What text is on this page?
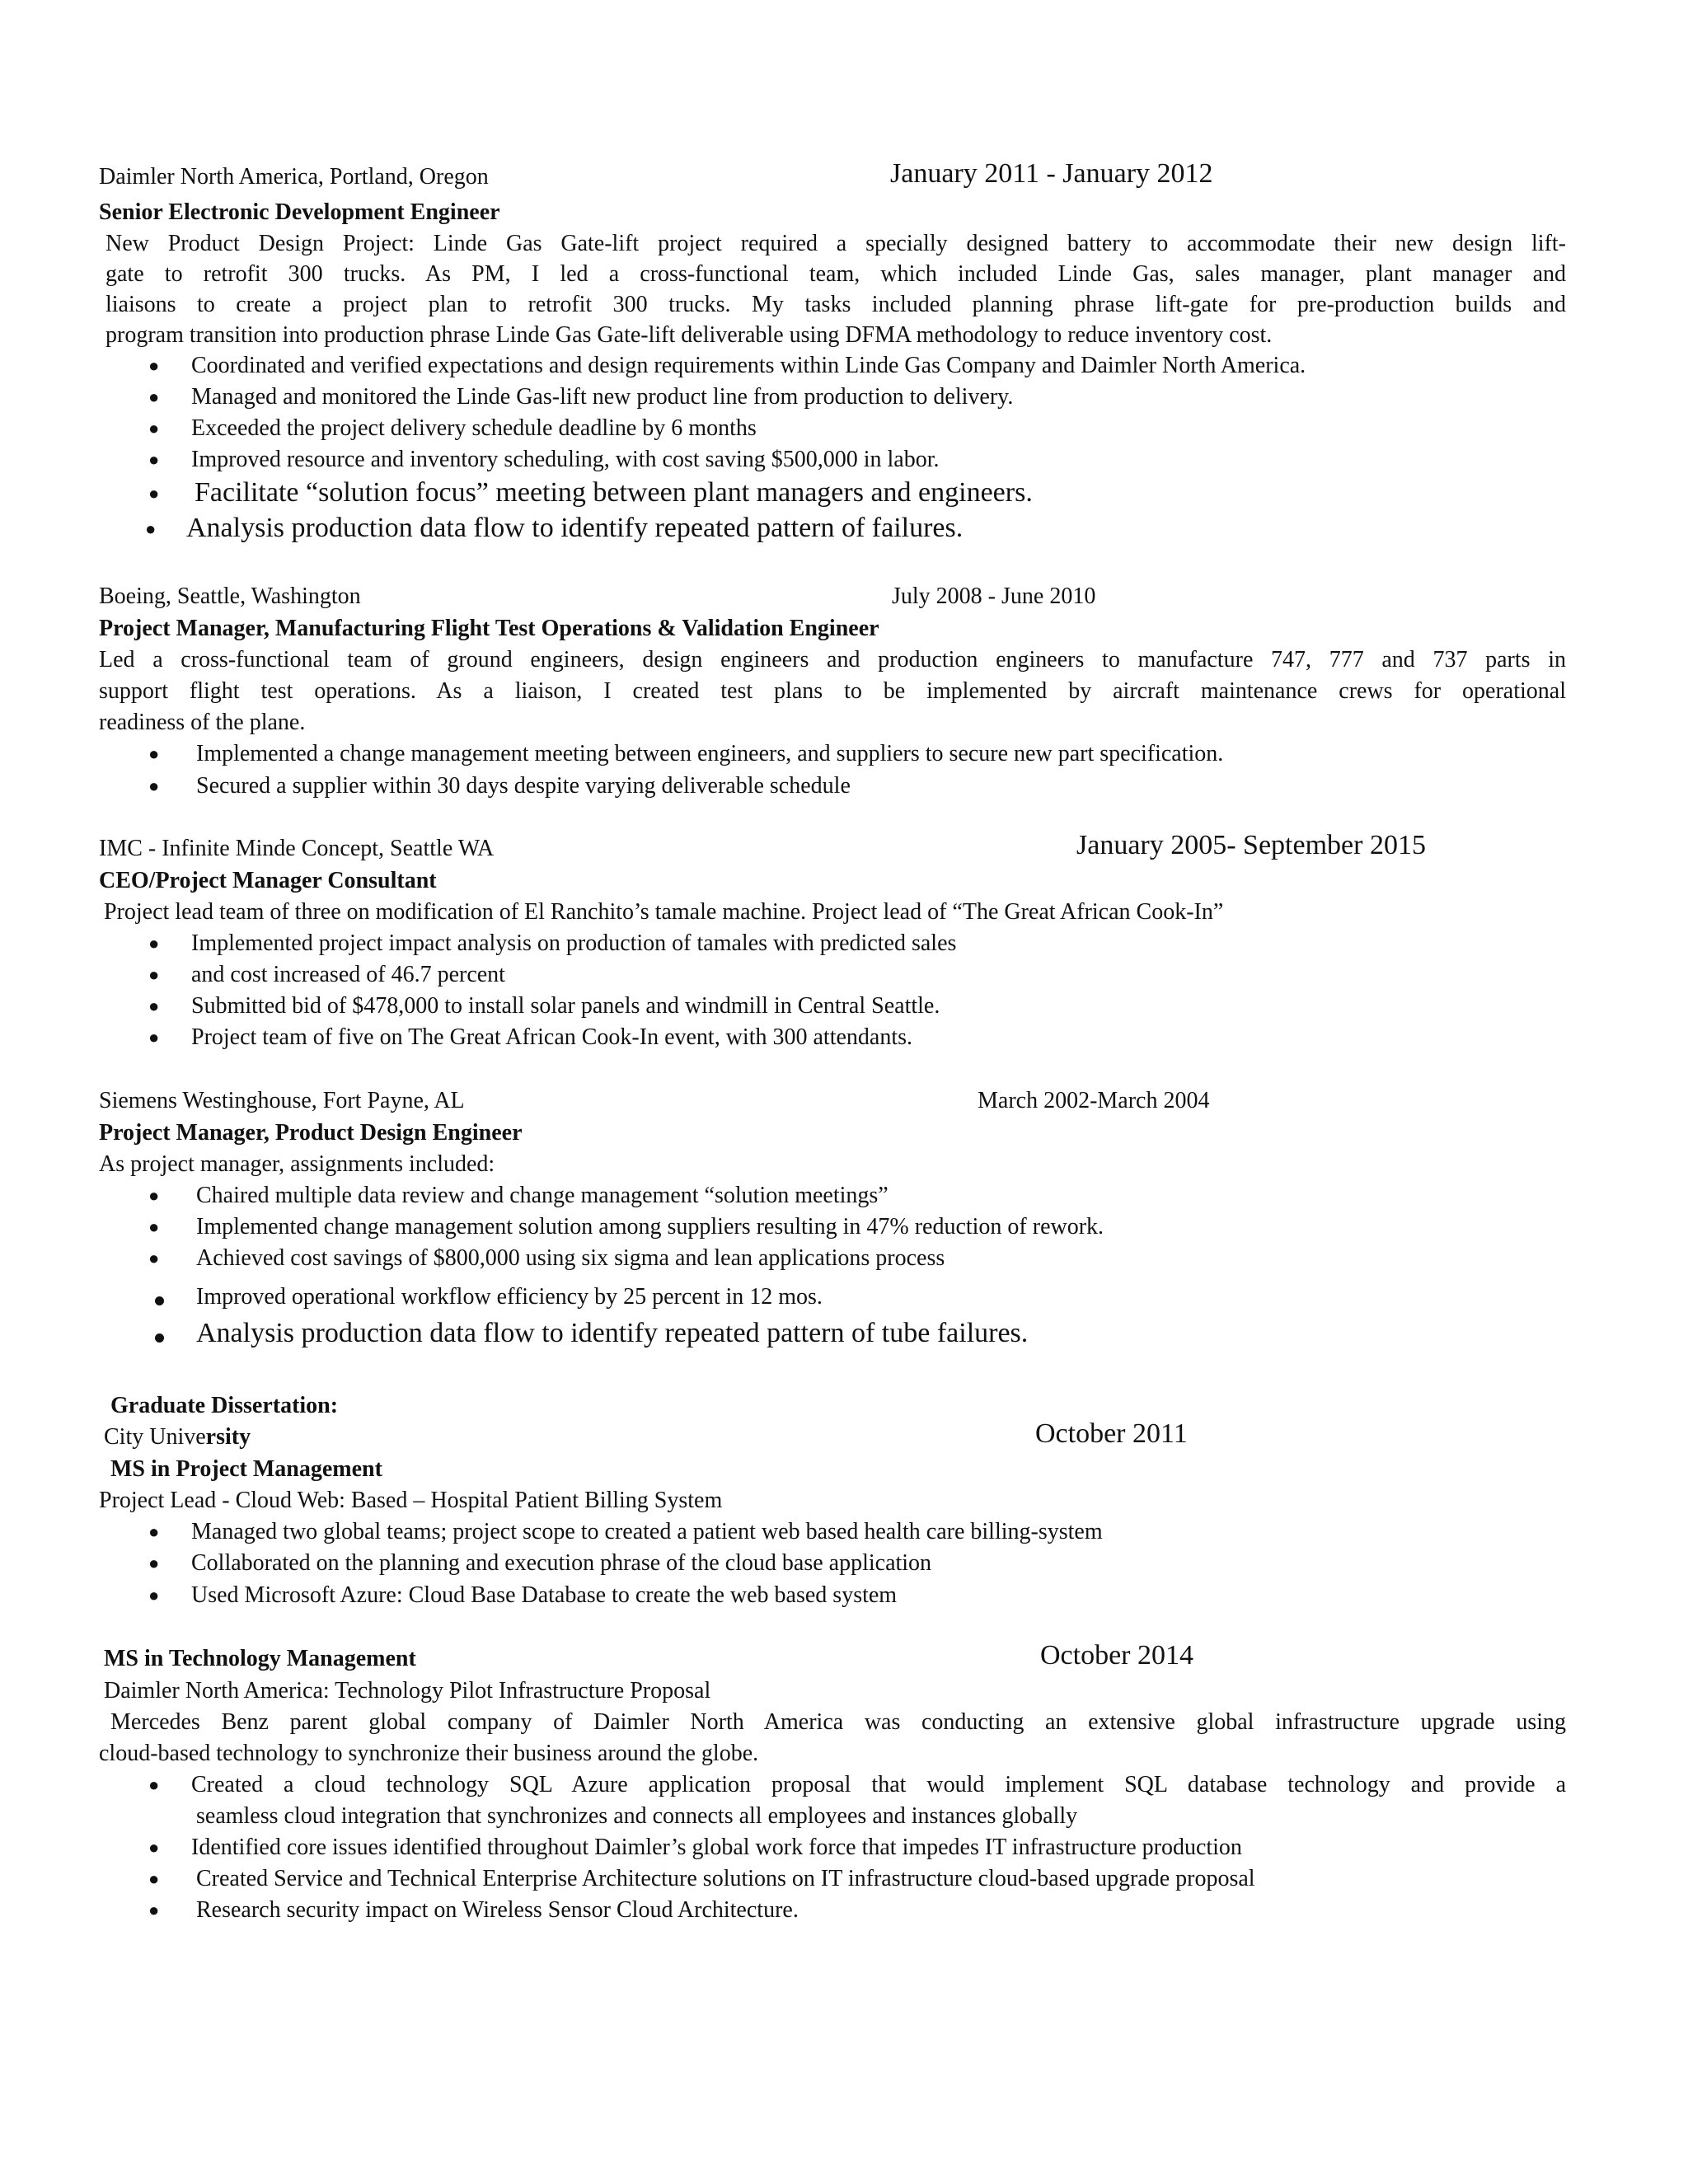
Daimler North America, Portland, Oregon	January 2011 - January 2012
Senior Electronic Development Engineer
New Product Design Project: Linde Gas Gate-lift project required a specially designed battery to accommodate their new design lift-
gate to retrofit 300 trucks. As PM, I led a cross-functional team, which included Linde Gas, sales manager, plant manager and
liaisons to create a project plan to retrofit 300 trucks. My tasks included planning phrase lift-gate for pre-production builds and
program transition into production phrase Linde Gas Gate-lift deliverable using DFMA methodology to reduce inventory cost.
● Coordinated and verified expectations and design requirements within Linde Gas Company and Daimler North America.
● Managed and monitored the Linde Gas-lift new product line from production to delivery.
● Exceeded the project delivery schedule deadline by 6 months
● Improved resource and inventory scheduling, with cost saving $500,000 in labor.
● Facilitate “solution focus” meeting between plant managers and engineers.
● Analysis production data flow to identify repeated pattern of failures.
Boeing, Seattle, Washington	July 2008 - June 2010
Project Manager, Manufacturing Flight Test Operations & Validation Engineer
Led a cross-functional team of ground engineers, design engineers and production engineers to manufacture 747, 777 and 737 parts in
support flight test operations. As a liaison, I created test plans to be implemented by aircraft maintenance crews for operational
readiness of the plane.
● Implemented a change management meeting between engineers, and suppliers to secure new part specification.
● Secured a supplier within 30 days despite varying deliverable schedule
IMC - Infinite Minde Concept, Seattle WA	January 2005- September 2015
CEO/Project Manager Consultant
Project lead team of three on modification of El Ranchito’s tamale machine. Project lead of “The Great African Cook-In”
● Implemented project impact analysis on production of tamales with predicted sales
● and cost increased of 46.7 percent
● Submitted bid of $478,000 to install solar panels and windmill in Central Seattle.
● Project team of five on The Great African Cook-In event, with 300 attendants.
Siemens Westinghouse, Fort Payne, AL	March 2002-March 2004
Project Manager, Product Design Engineer
As project manager, assignments included:
● Chaired multiple data review and change management “solution meetings”
● Implemented change management solution among suppliers resulting in 47% reduction of rework.
● Achieved cost savings of $800,000 using six sigma and lean applications process
Improved operational workflow efficiency by 25 percent in 12 mos.
Analysis production data flow to identify repeated pattern of tube failures.
Graduate Dissertation:
City University	October 2011
MS in Project Management
Project Lead - Cloud Web: Based – Hospital Patient Billing System
● Managed two global teams; project scope to created a patient web based health care billing-system
● Collaborated on the planning and execution phrase of the cloud base application
● Used Microsoft Azure: Cloud Base Database to create the web based system
MS in Technology Management	October 2014
Daimler North America: Technology Pilot Infrastructure Proposal
Mercedes Benz parent global company of Daimler North America was conducting an extensive global infrastructure upgrade using
cloud-based technology to synchronize their business around the globe.
● Created a cloud technology SQL Azure application proposal that would implement SQL database technology and provide a
seamless cloud integration that synchronizes and connects all employees and instances globally
● Identified core issues identified throughout Daimler’s global work force that impedes IT infrastructure production
● Created Service and Technical Enterprise Architecture solutions on IT infrastructure cloud-based upgrade proposal
● Research security impact on Wireless Sensor Cloud Architecture.
